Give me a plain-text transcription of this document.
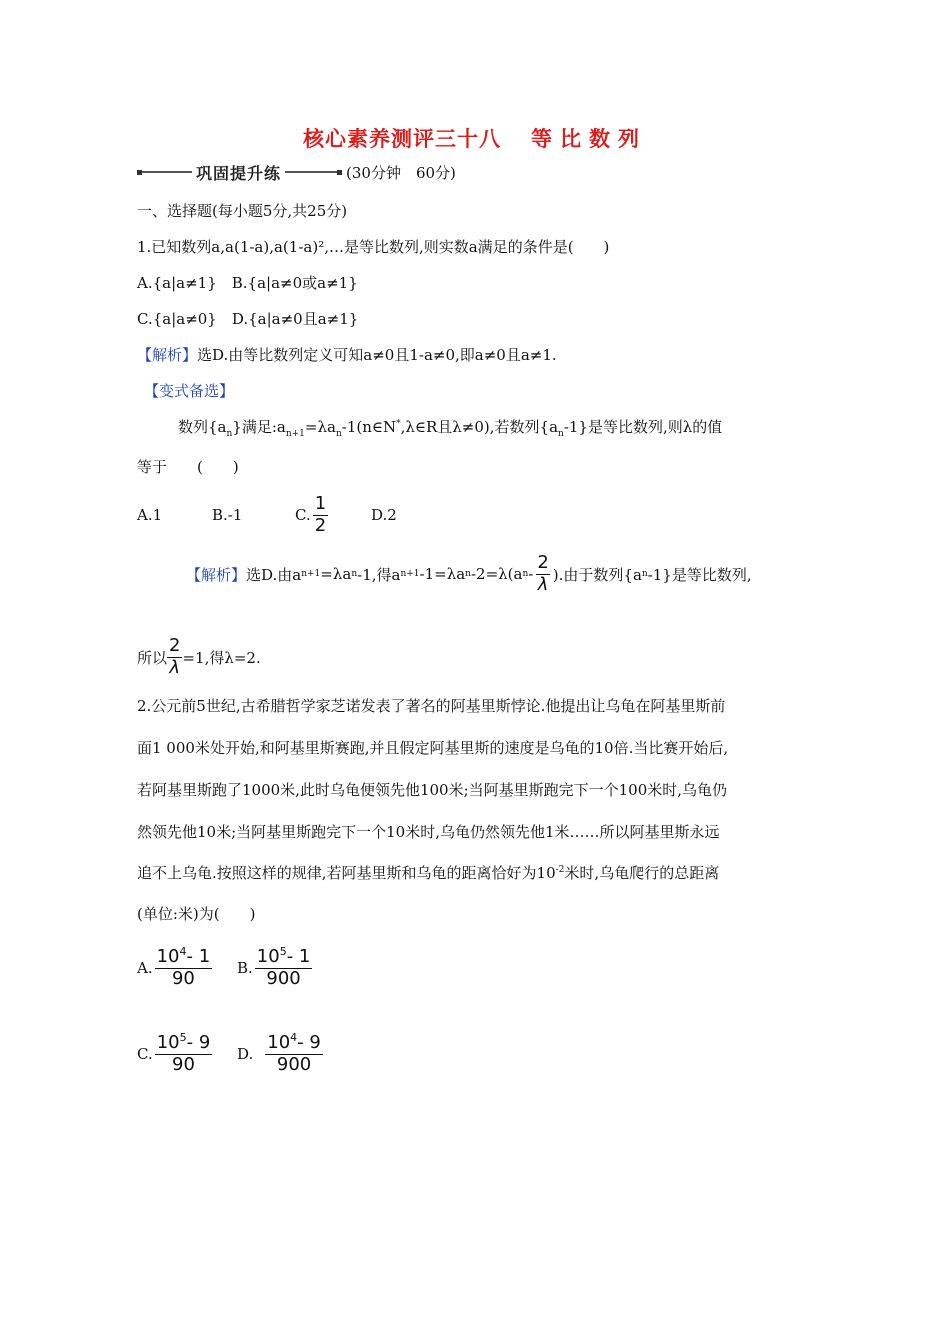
核心素养测评三十八 等比数列
巩固提升练	(30分钟　60分)
一、选择题(每小题5分,共25分)
1.已知数列a,a(1-a),a(1-a)²,…是等比数列,则实数a满足的条件是(　　)
A.{a|a≠1}　 B.{a|a≠0或a≠1}
C.{a|a≠0}　 D.{a|a≠0且a≠1}
【解析】选D.由等比数列定义可知a≠0且1-a≠0,即a≠0且a≠1.
【变式备选】
数列$\{a_n\}$满足$:a_{n+1}=\lambda a_n-1(n\in N^*,\lambda\in R$且λ≠0),若数列$\{a_n-1\}$是等比数列,则λ的值
等于　　(　　)
A.1	B.-1	C. $\frac{1}{2}$	D.2
【解析】 选D.由a n+1 =λa n -1,得a n+1 -1=λa n -2=λ(a n - $\frac{2}{\lambda}$ ).由于数列{a n -1}是等比数列,
所以 $\frac{2}{\lambda} =1$,得λ=2.
2.公元前5世纪,古希腊哲学家芝诺发表了著名的阿基里斯悖论.他提出让乌龟在阿基里斯前
面1 000米处开始,和阿基里斯赛跑,并且假定阿基里斯的速度是乌龟的10倍.当比赛开始后,
若阿基里斯跑了1000米,此时乌龟便领先他100米;当阿基里斯跑完下一个100米时,乌龟仍
然领先他10米;当阿基里斯跑完下一个10米时,乌龟仍然领先他1米……所以阿基里斯永远
追不上乌龟.按照这样的规律,若阿基里斯和乌龟的距离恰好为$10^{-2}$米时,乌龟爬行的总距离
(单位:米)为(　　)
A. $\frac{10^4- 1}{90} B$. $\frac{10^5- 1}{900}$
C. $\frac{10^5- 9}{90} D$. $\frac{10^4- 9}{900}$
